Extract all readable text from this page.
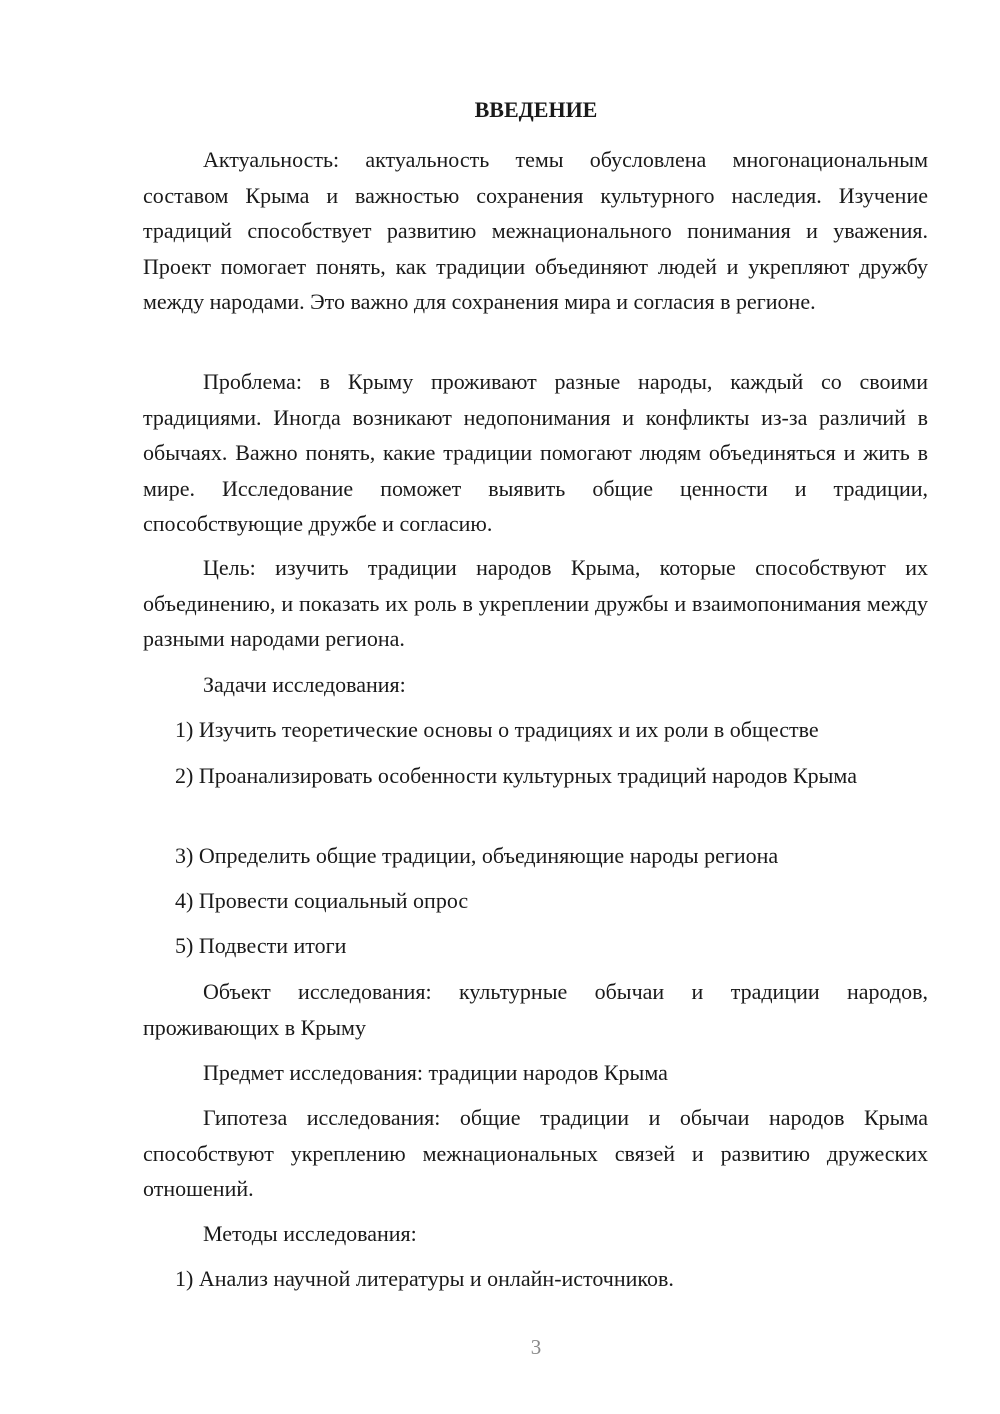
ВВЕДЕНИЕ

Актуальность: актуальность темы обусловлена многонациональным составом Крыма и важностью сохранения культурного наследия. Изучение традиций способствует развитию межнационального понимания и уважения. Проект помогает понять, как традиции объединяют людей и укрепляют дружбу между народами. Это важно для сохранения мира и согласия в регионе.

Проблема: в Крыму проживают разные народы, каждый со своими традициями. Иногда возникают недопонимания и конфликты из-за различий в обычаях. Важно понять, какие традиции помогают людям объединяться и жить в мире. Исследование поможет выявить общие ценности и традиции, способствующие дружбе и согласию.

Цель: изучить традиции народов Крыма, которые способствуют их объединению, и показать их роль в укреплении дружбы и взаимопонимания между разными народами региона.

Задачи исследования:

1) Изучить теоретические основы о традициях и их роли в обществе

2) Проанализировать особенности культурных традиций народов Крыма

3) Определить общие традиции, объединяющие народы региона

4) Провести социальный опрос

5) Подвести итоги

Объект исследования: культурные обычаи и традиции народов, проживающих в Крыму

Предмет исследования: традиции народов Крыма

Гипотеза исследования: общие традиции и обычаи народов Крыма способствуют укреплению межнациональных связей и развитию дружеских отношений.

Методы исследования:

1) Анализ научной литературы и онлайн-источников.

3
